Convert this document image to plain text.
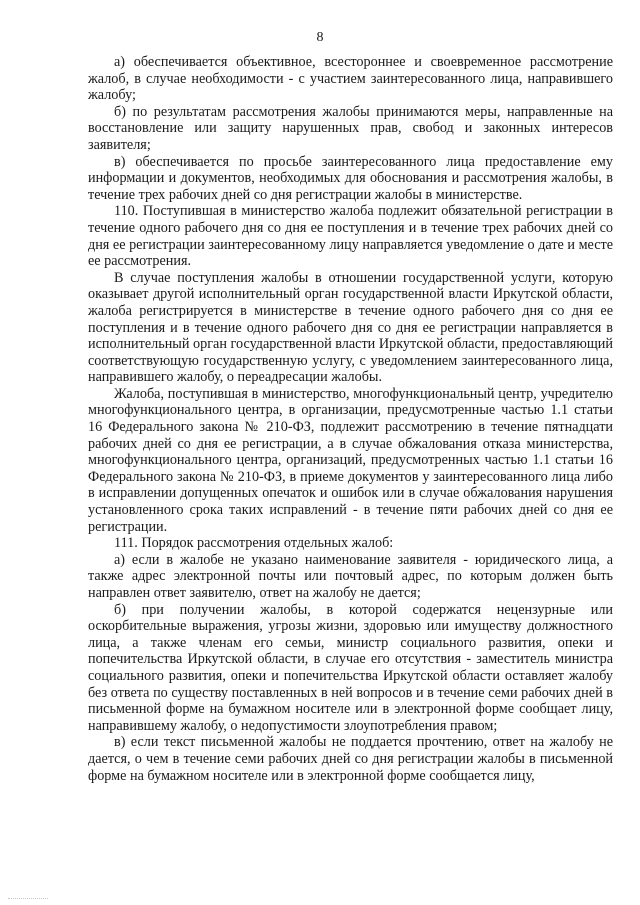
8

а) обеспечивается объективное, всестороннее и своевременное рассмотрение жалоб, в случае необходимости - с участием заинтересованного лица, направившего жалобу;

б) по результатам рассмотрения жалобы принимаются меры, направленные на восстановление или защиту нарушенных прав, свобод и законных интересов заявителя;

в) обеспечивается по просьбе заинтересованного лица предоставление ему информации и документов, необходимых для обоснования и рассмотрения жалобы, в течение трех рабочих дней со дня регистрации жалобы в министерстве.

110. Поступившая в министерство жалоба подлежит обязательной регистрации в течение одного рабочего дня со дня ее поступления и в течение трех рабочих дней со дня ее регистрации заинтересованному лицу направляется уведомление о дате и месте ее рассмотрения.

В случае поступления жалобы в отношении государственной услуги, которую оказывает другой исполнительный орган государственной власти Иркутской области, жалоба регистрируется в министерстве в течение одного рабочего дня со дня ее поступления и в течение одного рабочего дня со дня ее регистрации направляется в исполнительный орган государственной власти Иркутской области, предоставляющий соответствующую государственную услугу, с уведомлением заинтересованного лица, направившего жалобу, о переадресации жалобы.

Жалоба, поступившая в министерство, многофункциональный центр, учредителю многофункционального центра, в организации, предусмотренные частью 1.1 статьи 16 Федерального закона № 210-ФЗ, подлежит рассмотрению в течение пятнадцати рабочих дней со дня ее регистрации, а в случае обжалования отказа министерства, многофункционального центра, организаций, предусмотренных частью 1.1 статьи 16 Федерального закона № 210-ФЗ, в приеме документов у заинтересованного лица либо в исправлении допущенных опечаток и ошибок или в случае обжалования нарушения установленного срока таких исправлений - в течение пяти рабочих дней со дня ее регистрации.

111. Порядок рассмотрения отдельных жалоб:

а) если в жалобе не указано наименование заявителя - юридического лица, а также адрес электронной почты или почтовый адрес, по которым должен быть направлен ответ заявителю, ответ на жалобу не дается;

б) при получении жалобы, в которой содержатся нецензурные или оскорбительные выражения, угрозы жизни, здоровью или имуществу должностного лица, а также членам его семьи, министр социального развития, опеки и попечительства Иркутской области, в случае его отсутствия - заместитель министра социального развития, опеки и попечительства Иркутской области оставляет жалобу без ответа по существу поставленных в ней вопросов и в течение семи рабочих дней в письменной форме на бумажном носителе или в электронной форме сообщает лицу, направившему жалобу, о недопустимости злоупотребления правом;

в) если текст письменной жалобы не поддается прочтению, ответ на жалобу не дается, о чем в течение семи рабочих дней со дня регистрации жалобы в письменной форме на бумажном носителе или в электронной форме сообщается лицу,
